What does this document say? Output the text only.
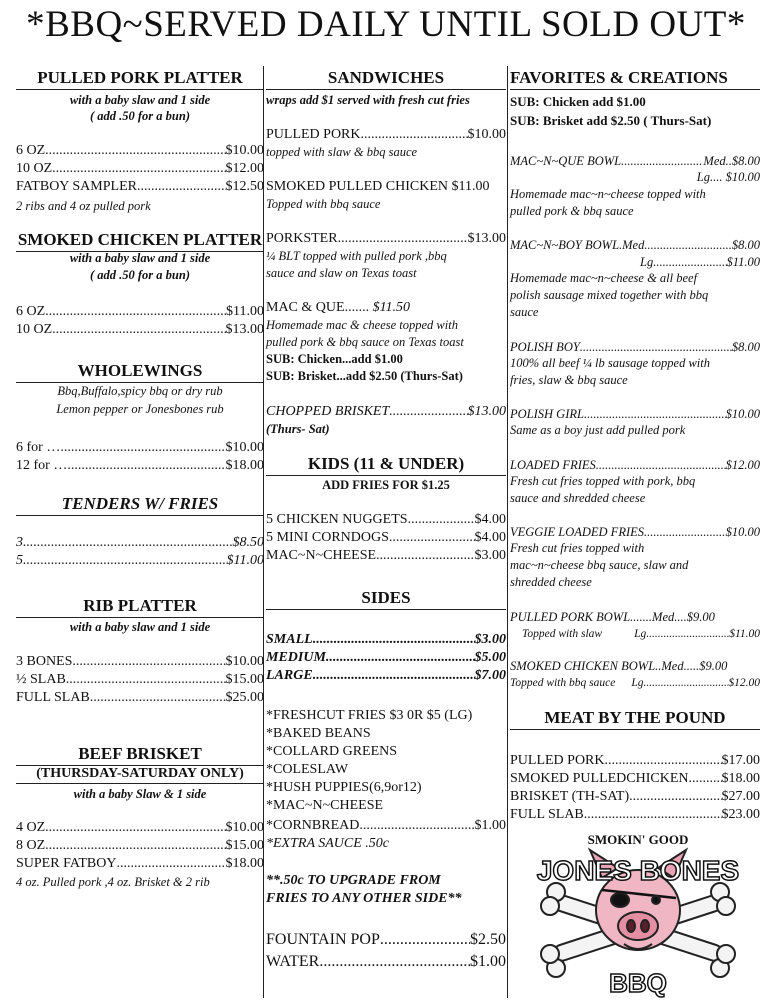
*BBQ~SERVED DAILY UNTIL SOLD OUT*
PULLED PORK PLATTER
with a baby slaw and 1 side
( add .50 for a bun)
6 OZ .....	$10.00
10 OZ .....	$12.00
FATBOY SAMPLER .....	$12.50
2 ribs and 4 oz pulled pork
SMOKED CHICKEN PLATTER
with a baby slaw and 1 side
( add .50 for a bun)
6 OZ .....	$11.00
10 OZ .....	$13.00
WHOLEWINGS
Bbq,Buffalo,spicy bbq or dry rub
Lemon pepper or Jonesbones rub
6 for … .....	$10.00
12 for … .....	$18.00
TENDERS W/ FRIES
3 .....	$8.50
5 .....	$11.00
RIB PLATTER
with a baby slaw and 1 side
3 BONES .....	$10.00
½ SLAB .....	$15.00
FULL SLAB .....	$25.00
BEEF BRISKET
(THURSDAY-SATURDAY ONLY)
with a baby Slaw & 1 side
4 OZ .....	$10.00
8 OZ .....	$15.00
SUPER FATBOY .....	$18.00
4 oz. Pulled pork ,4 oz. Brisket & 2 rib
SANDWICHES
wraps add $1 served with fresh cut fries
PULLED PORK .....	$10.00
topped with slaw & bbq sauce
SMOKED PULLED CHICKEN $11.00
Topped with bbq sauce
PORKSTER .....	$13.00
¼ BLT topped with pulled pork ,bbq
sauce and slaw on Texas toast
MAC & QUE....... $11.50
Homemade mac & cheese topped with
pulled pork & bbq sauce on Texas toast
SUB: Chicken...add $1.00
SUB: Brisket...add $2.50 (Thurs-Sat)
CHOPPED BRISKET .....	$13.00
(Thurs- Sat)
KIDS (11 & UNDER)
ADD FRIES FOR $1.25
5 CHICKEN NUGGETS .....	$4.00
5 MINI CORNDOGS .....	$4.00
MAC~N~CHEESE .....	$3.00
SIDES
SMALL .....	$3.00
MEDIUM .....	$5.00
LARGE .....	$7.00
*FRESHCUT FRIES $3 0R $5 (LG)
*BAKED BEANS
*COLLARD GREENS
*COLESLAW
*HUSH PUPPIES(6,9or12)
*MAC~N~CHEESE
*CORNBREAD .....	$1.00
*EXTRA SAUCE .50c
**.50c TO UPGRADE FROM
FRIES TO ANY OTHER SIDE**
FOUNTAIN POP .....	$2.50
WATER .....	$1.00
FAVORITES & CREATIONS
SUB: Chicken add $1.00
SUB: Brisket add $2.50 ( Thurs-Sat)
MAC~N~QUE BOWL .....	Med..$8.00
Lg.... $10.00
Homemade mac~n~cheese topped with
pulled pork & bbq sauce
MAC~N~BOY BOWL.Med .....	$8.00
Lg .....	$11.00
Homemade mac~n~cheese & all beef
polish sausage mixed together with bbq
sauce
POLISH BOY .....	$8.00
100% all beef ¼ lb sausage topped with
fries, slaw & bbq sauce
POLISH GIRL .....	$10.00
Same as a boy just add pulled pork
LOADED FRIES .....	$12.00
Fresh cut fries topped with pork, bbq
sauce and shredded cheese
VEGGIE LOADED FRIES .....	$10.00
Fresh cut fries topped with
mac~n~cheese bbq sauce, slaw and
shredded cheese
PULLED PORK BOWL ....... Med....$9.00
Topped with slaw	Lg .....	$11.00
SMOKED CHICKEN BOWL..Med.....$9.00
Topped with bbq sauce Lg .....	$12.00
MEAT BY THE POUND
PULLED PORK .....	$17.00
SMOKED PULLEDCHICKEN ..... $18.00
BRISKET (TH-SAT) .....	$27.00
FULL SLAB .....	$23.00
SMOKIN' GOOD
JONES BONES
BBQ
